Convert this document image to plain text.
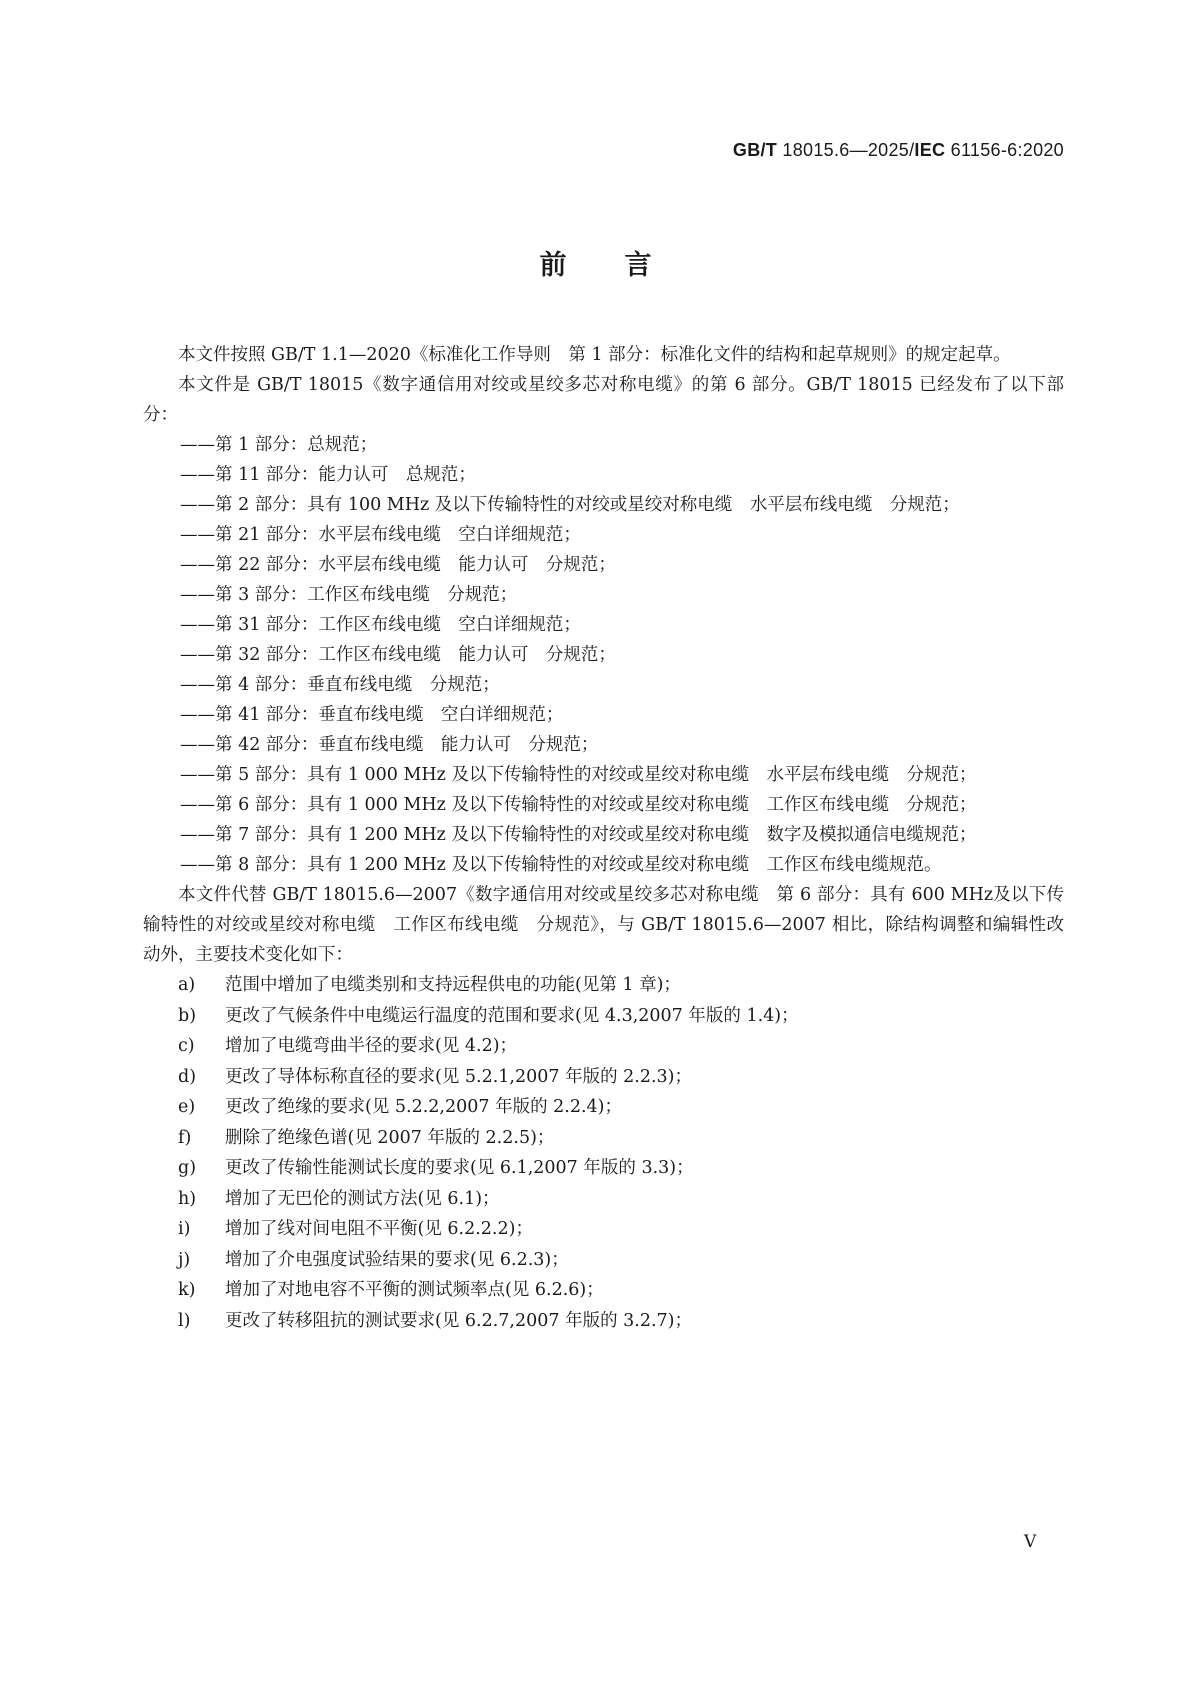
GB/T 18015.6—2025/IEC 61156-6:2020
前言

本文件按照 GB/T 1.1—2020《标准化工作导则　第 1 部分：标准化文件的结构和起草规则》的规定起草。

本文件是 GB/T 18015《数字通信用对绞或星绞多芯对称电缆》的第 6 部分。GB/T 18015 已经发布了以下部分：

——第 1 部分：总规范；

——第 11 部分：能力认可　总规范；

——第 2 部分：具有 100 MHz 及以下传输特性的对绞或星绞对称电缆　水平层布线电缆　分规范；

——第 21 部分：水平层布线电缆　空白详细规范；

——第 22 部分：水平层布线电缆　能力认可　分规范；

——第 3 部分：工作区布线电缆　分规范；

——第 31 部分：工作区布线电缆　空白详细规范；

——第 32 部分：工作区布线电缆　能力认可　分规范；

——第 4 部分：垂直布线电缆　分规范；

——第 41 部分：垂直布线电缆　空白详细规范；

——第 42 部分：垂直布线电缆　能力认可　分规范；

——第 5 部分：具有 1 000 MHz 及以下传输特性的对绞或星绞对称电缆　水平层布线电缆　分规范；

——第 6 部分：具有 1 000 MHz 及以下传输特性的对绞或星绞对称电缆　工作区布线电缆　分规范；

——第 7 部分：具有 1 200 MHz 及以下传输特性的对绞或星绞对称电缆　数字及模拟通信电缆规范；

——第 8 部分：具有 1 200 MHz 及以下传输特性的对绞或星绞对称电缆　工作区布线电缆规范。

本文件代替 GB/T 18015.6—2007《数字通信用对绞或星绞多芯对称电缆　第 6 部分：具有 600 MHz及以下传输特性的对绞或星绞对称电缆　工作区布线电缆　分规范》，与 GB/T 18015.6—2007 相比，除结构调整和编辑性改动外，主要技术变化如下：

a) 范围中增加了电缆类别和支持远程供电的功能(见第 1 章)；

b) 更改了气候条件中电缆运行温度的范围和要求(见 4.3,2007 年版的 1.4)；

c) 增加了电缆弯曲半径的要求(见 4.2)；

d) 更改了导体标称直径的要求(见 5.2.1,2007 年版的 2.2.3)；

e) 更改了绝缘的要求(见 5.2.2,2007 年版的 2.2.4)；

f) 删除了绝缘色谱(见 2007 年版的 2.2.5)；

g) 更改了传输性能测试长度的要求(见 6.1,2007 年版的 3.3)；

h) 增加了无巴伦的测试方法(见 6.1)；

i) 增加了线对间电阻不平衡(见 6.2.2.2)；

j) 增加了介电强度试验结果的要求(见 6.2.3)；

k) 增加了对地电容不平衡的测试频率点(见 6.2.6)；

l) 更改了转移阻抗的测试要求(见 6.2.7,2007 年版的 3.2.7)；

V
